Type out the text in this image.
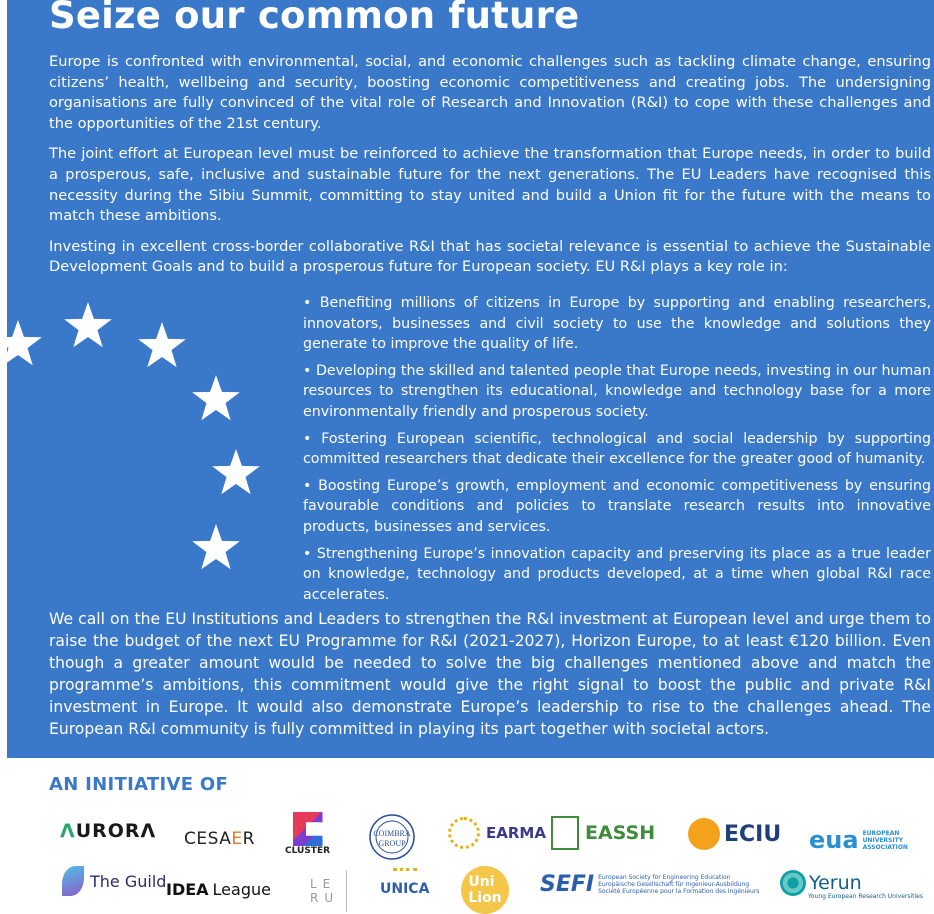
Seize our common future

Europe is confronted with environmental, social, and economic challenges such as tackling climate change, ensuring citizens’ health, wellbeing and security, boosting economic competitiveness and creating jobs. The undersigning organisations are fully convinced of the vital role of Research and Innovation (R&I) to cope with these challenges and the opportunities of the 21st century.

The joint effort at European level must be reinforced to achieve the transformation that Europe needs, in order to build a prosperous, safe, inclusive and sustainable future for the next generations. The EU Leaders have recognised this necessity during the Sibiu Summit, committing to stay united and build a Union fit for the future with the means to match these ambitions.

Investing in excellent cross-border collaborative R&I that has societal relevance is essential to achieve the Sustainable Development Goals and to build a prosperous future for European society. EU R&I plays a key role in:

• Benefiting millions of citizens in Europe by supporting and enabling researchers, innovators, businesses and civil society to use the knowledge and solutions they generate to improve the quality of life.

• Developing the skilled and talented people that Europe needs, investing in our human resources to strengthen its educational, knowledge and technology base for a more environmentally friendly and prosperous society.

• Fostering European scientific, technological and social leadership by supporting committed researchers that dedicate their excellence for the greater good of humanity.

• Boosting Europe’s growth, employment and economic competitiveness by ensuring favourable conditions and policies to translate research results into innovative products, businesses and services.

• Strengthening Europe’s innovation capacity and preserving its place as a true leader on knowledge, technology and products developed, at a time when global R&I race accelerates.

We call on the EU Institutions and Leaders to strengthen the R&I investment at European level and urge them to raise the budget of the next EU Programme for R&I (2021-2027), Horizon Europe, to at least €120 billion. Even though a greater amount would be needed to solve the big challenges mentioned above and match the programme’s ambitions, this commitment would give the right signal to boost the public and private R&I investment in Europe. It would also demonstrate Europe’s leadership to rise to the challenges ahead. The European R&I community is fully committed in playing its part together with societal actors.

AN INITIATIVE OF
Λ URORΛ CESA E R
CLUSTER
COIMBRA
GROUP
EARMA EASSH	ECIU eua EUROPEAN
UNIVERSITY
ASSOCIATION
The Guild IDEA League	LE
RU
UNICA	Uni
Lion
SEFI European Society for Engineering Education
Europäische Gesellschaft für Ingenieur-Ausbildung
Société Européenne pour la Formation des Ingénieurs	Yerun
Young European Research Universities
